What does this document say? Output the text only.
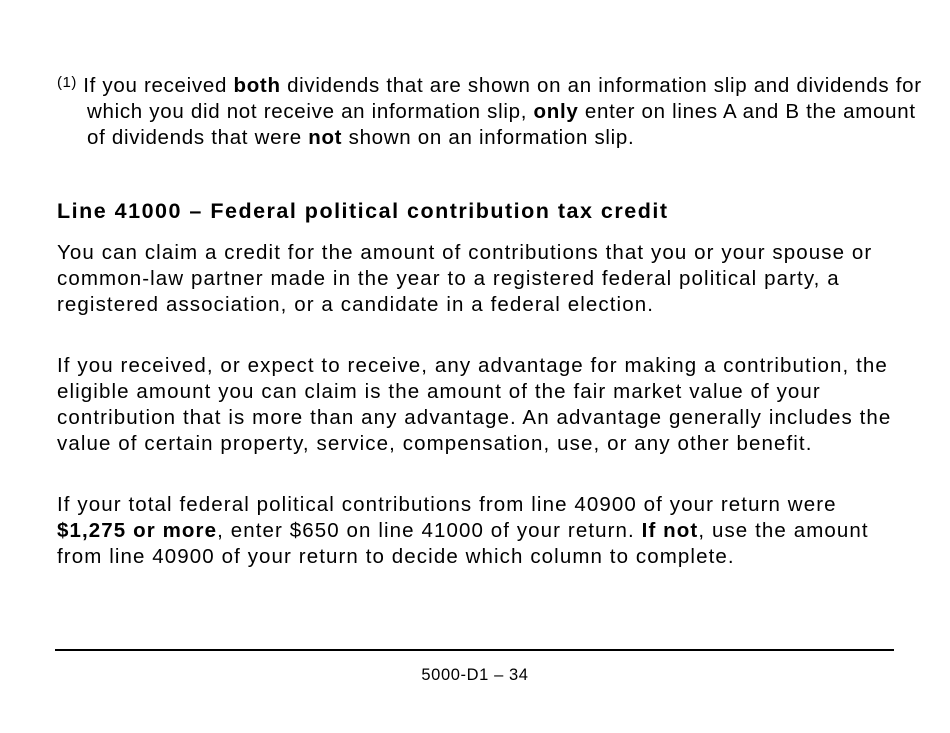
$^{(1)}$ If you received both dividends that are shown on an information slip and dividends for which you did not receive an information slip, only enter on lines A and B the amount of dividends that were not shown on an information slip.
Line 41000 – Federal political contribution tax credit

You can claim a credit for the amount of contributions that you or your spouse or common-law partner made in the year to a registered federal political party, a registered association, or a candidate in a federal election.

If you received, or expect to receive, any advantage for making a contribution, the eligible amount you can claim is the amount of the fair market value of your contribution that is more than any advantage. An advantage generally includes the value of certain property, service, compensation, use, or any other benefit.

If your total federal political contributions from line 40900 of your return were $1,275 or more, enter $650 on line 41000 of your return. If not, use the amount from line 40900 of your return to decide which column to complete.

5000-D1 – 34
